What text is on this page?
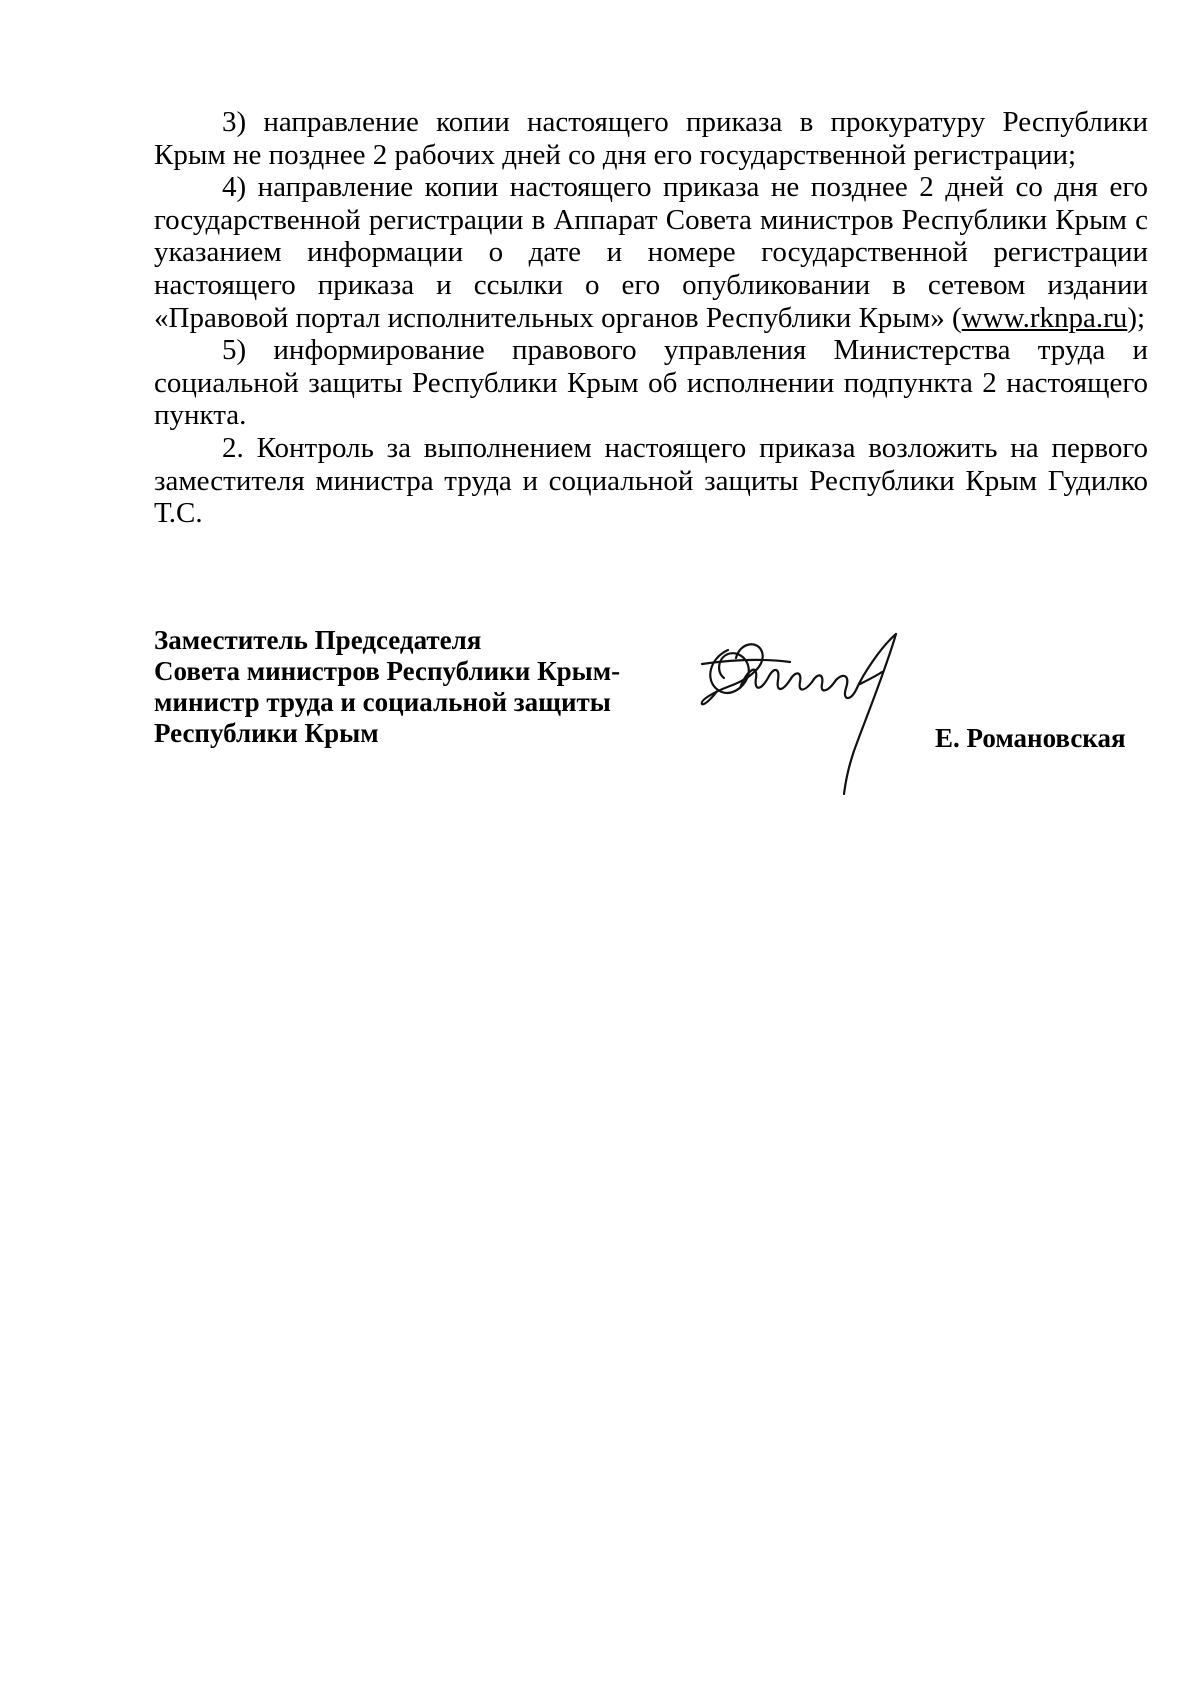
3) направление копии настоящего приказа в прокуратуру Республики Крым не позднее 2 рабочих дней со дня его государственной регистрации;

4) направление копии настоящего приказа не позднее 2 дней со дня его государственной регистрации в Аппарат Совета министров Республики Крым с указанием информации о дате и номере государственной регистрации настоящего приказа и ссылки о его опубликовании в сетевом издании «Правовой портал исполнительных органов Республики Крым» (www.rknpa.ru);

5) информирование правового управления Министерства труда и социальной защиты Республики Крым об исполнении подпункта 2 настоящего пункта.

2. Контроль за выполнением настоящего приказа возложить на первого заместителя министра труда и социальной защиты Республики Крым Гудилко Т.С.

Заместитель Председателя
Совета министров Республики Крым-
министр труда и социальной защиты
Республики Крым	Е. Романовская
